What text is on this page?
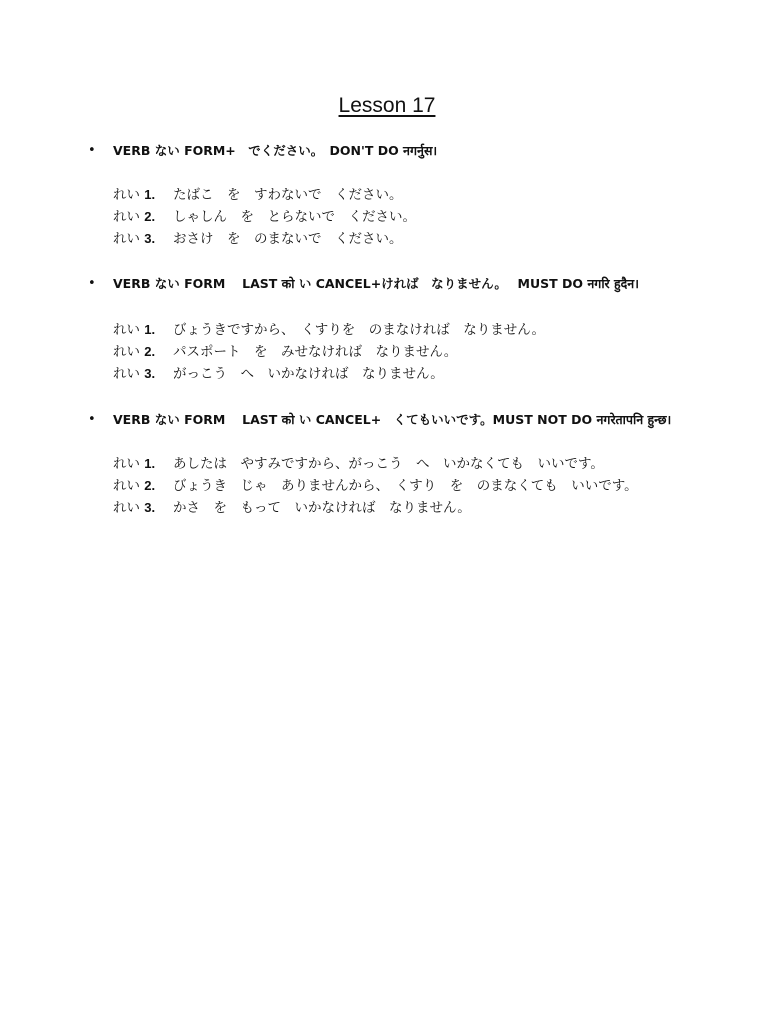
Lesson 17
• VERB ない FORM+　でください。　DON'T DO नगर्नुस।
れい 1. たばこ　を　すわないで　ください。
れい 2. しゃしん　を　とらないで　ください。
れい 3. おさけ　を　のまないで　ください。
• VERB ない FORM　 LAST को い CANCEL+ければ　なりません。　 MUST DO नगरि हुदैन।
れい 1. びょうきですから、　くすりを　のまなければ　なりません。
れい 2. パスポート　を　みせなければ　なりません。
れい 3. がっこう　へ　いかなければ　なりません。
• VERB ない FORM　 LAST को い CANCEL+　くてもいいです。MUST NOT DO नगरेतापनि हुन्छ।
れい 1. あしたは　やすみですから、がっこう　へ　いかなくても　いいです。
れい 2. びょうき　じゃ　ありませんから、　くすり　を　のまなくても　いいです。
れい 3. かさ　を　もって　いかなければ　なりません。
